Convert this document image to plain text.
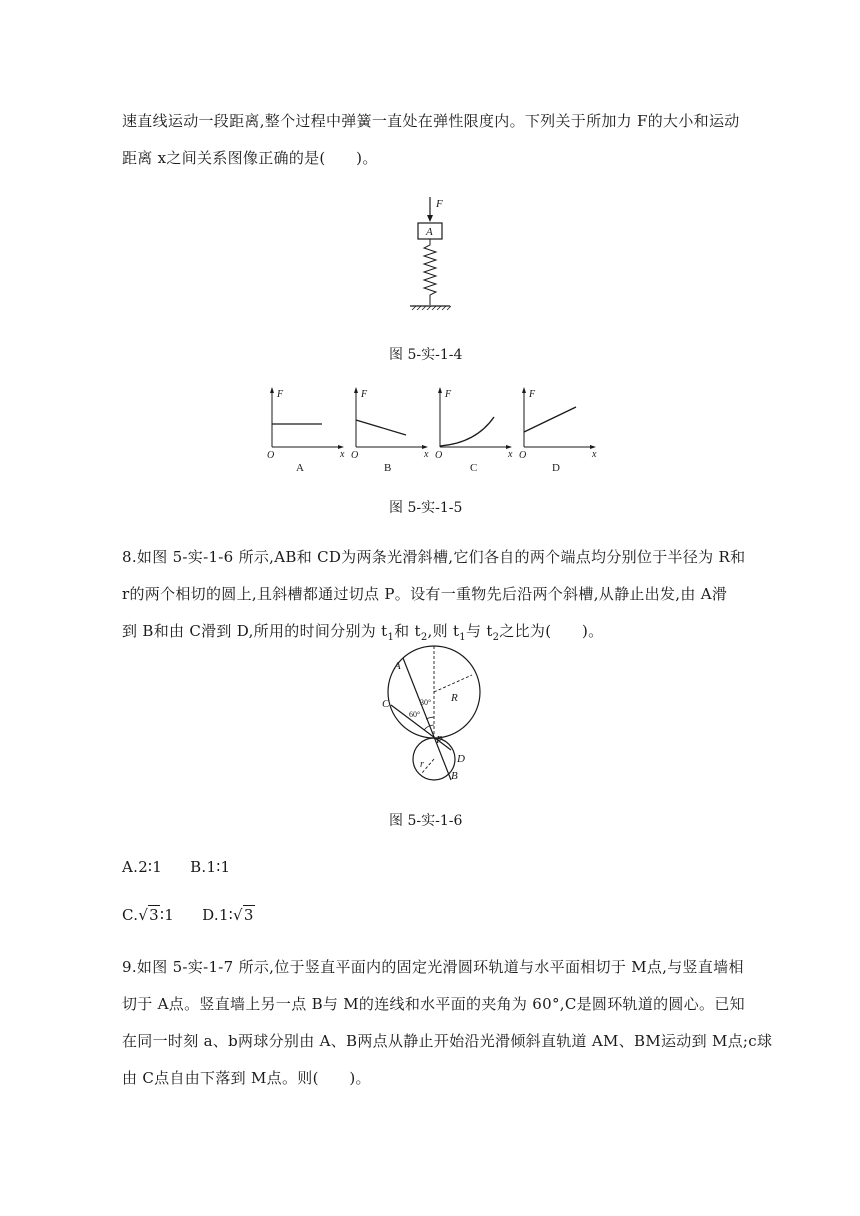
速直线运动一段距离,整个过程中弹簧一直处在弹性限度内。下列关于所加力 F的大小和运动
距离 x之间关系图像正确的是(　　)。
F
A
图 5-实-1-4
F
x
O
A
F
x
O
B
F
x
O
C
F
x
O
D
图 5-实-1-5
8.如图 5-实-1-6 所示,AB和 CD为两条光滑斜槽,它们各自的两个端点均分别位于半径为 R和
r的两个相切的圆上,且斜槽都通过切点 P。设有一重物先后沿两个斜槽,从静止出发,由 A滑
到 B和由 C滑到 D,所用的时间分别为 $t_1$和 $t_2$,则 $t_1$与 $t_2$之比为(　　)。
A
C	R
30°
60°
P
D
r
B
图 5-实-1-6
A.2∶1 B.1∶1
C.√3∶1 D.1∶√3
9.如图 5-实-1-7 所示,位于竖直平面内的固定光滑圆环轨道与水平面相切于 M点,与竖直墙相
切于 A点。竖直墙上另一点 B与 M的连线和水平面的夹角为 60°,C是圆环轨道的圆心。已知
在同一时刻 a、b两球分别由 A、B两点从静止开始沿光滑倾斜直轨道 AM、BM运动到 M点;c球
由 C点自由下落到 M点。则(　　)。
